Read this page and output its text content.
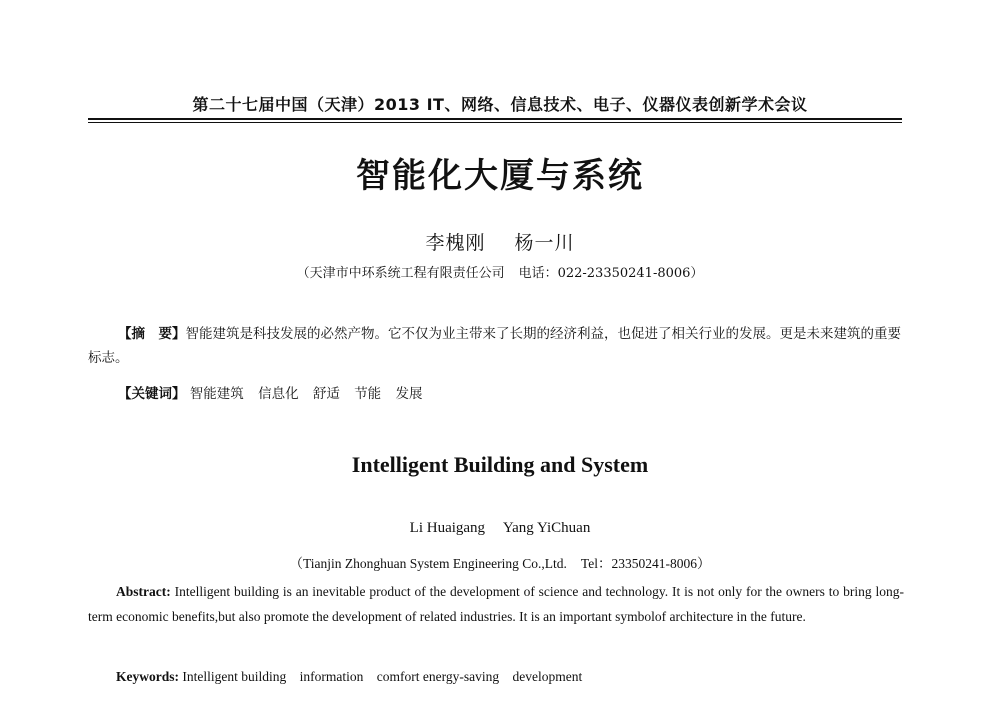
第二十七届中国（天津）2013 IT、网络、信息技术、电子、仪器仪表创新学术会议
智能化大厦与系统
李槐刚 杨一川
（天津市中环系统工程有限责任公司 电话：022-23350241-8006）
【摘　要】智能建筑是科技发展的必然产物。它不仅为业主带来了长期的经济利益，也促进了相关行业的发展。更是未来建筑的重要标志。
【关键词】 智能建筑 信息化 舒适 节能 发展
Intelligent Building and System
Li Huaigang Yang YiChuan
（Tianjin Zhonghuan System Engineering Co.,Ltd. Tel：23350241-8006）
Abstract: Intelligent building is an inevitable product of the development of science and technology. It is not only for the owners to bring long-term economic benefits,but also promote the development of related industries. It is an important symbolof architecture in the future.
Keywords: Intelligent building information comfort energy-saving development
